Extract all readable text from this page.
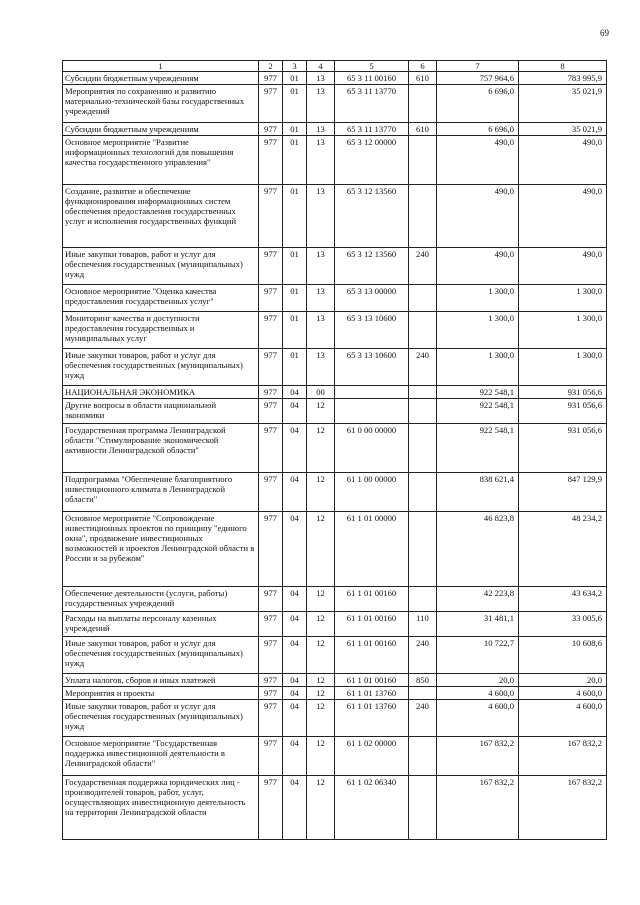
69
1	2	3	4	5	6	7	8
Субсидии бюджетным учреждениям	977	01	13	65 3 11 00160	610	757 964,6	783 995,9
Мероприятия по сохранению и развитию материально-технической базы государственных учреждений	977	01	13	65 3 11 13770		6 696,0	35 021,9
Субсидии бюджетным учреждениям	977	01	13	65 3 11 13770	610	6 696,0	35 021,9
Основное мероприятие "Развитие информационных технологий для повышения качества государственного управления"	977	01	13	65 3 12 00000		490,0	490,0
Создание, развитие и обеспечение функционирования информационных систем обеспечения предоставления государственных услуг и исполнения государственных функций	977	01	13	65 3 12 13560		490,0	490,0
Иные закупки товаров, работ и услуг для обеспечения государственных (муниципальных) нужд	977	01	13	65 3 12 13560	240	490,0	490,0
Основное мероприятие "Оценка качества предоставления государственных услуг"	977	01	13	65 3 13 00000		1 300,0	1 300,0
Мониторинг качества и доступности предоставления государственных и муниципальных услуг	977	01	13	65 3 13 10600		1 300,0	1 300,0
Иные закупки товаров, работ и услуг для обеспечения государственных (муниципальных) нужд	977	01	13	65 3 13 10600	240	1 300,0	1 300,0
НАЦИОНАЛЬНАЯ ЭКОНОМИКА	977	04	00			922 548,1	931 056,6
Другие вопросы в области национальной экономики	977	04	12			922 548,1	931 056,6
Государственная программа Ленинградской области "Стимулирование экономической активности Ленинградской области"	977	04	12	61 0 00 00000		922 548,1	931 056,6
Подпрограмма "Обеспечение благоприятного инвестиционного климата в Ленинградской области"	977	04	12	61 1 00 00000		838 621,4	847 129,9
Основное мероприятие "Сопровождение инвестиционных проектов по принципу "единого окна", продвижение инвестиционных возможностей и проектов Ленинградской области в России и за рубежом"	977	04	12	61 1 01 00000		46 823,8	48 234,2
Обеспечение деятельности (услуги, работы) государственных учреждений	977	04	12	61 1 01 00160		42 223,8	43 634,2
Расходы на выплаты персоналу казенных учреждений	977	04	12	61 1 01 00160	110	31 481,1	33 005,6
Иные закупки товаров, работ и услуг для обеспечения государственных (муниципальных) нужд	977	04	12	61 1 01 00160	240	10 722,7	10 608,6
Уплата налогов, сборов и иных платежей	977	04	12	61 1 01 00160	850	20,0	20,0
Мероприятия и проекты	977	04	12	61 1 01 13760		4 600,0	4 600,0
Иные закупки товаров, работ и услуг для обеспечения государственных (муниципальных) нужд	977	04	12	61 1 01 13760	240	4 600,0	4 600,0
Основное мероприятие "Государственная поддержка инвестиционной деятельности в Ленинградской области"	977	04	12	61 1 02 00000		167 832,2	167 832,2
Государственная поддержка юридических лиц - производителей товаров, работ, услуг, осуществляющих инвестиционную деятельность на территории Ленинградской области	977	04	12	61 1 02 06340		167 832,2	167 832,2
